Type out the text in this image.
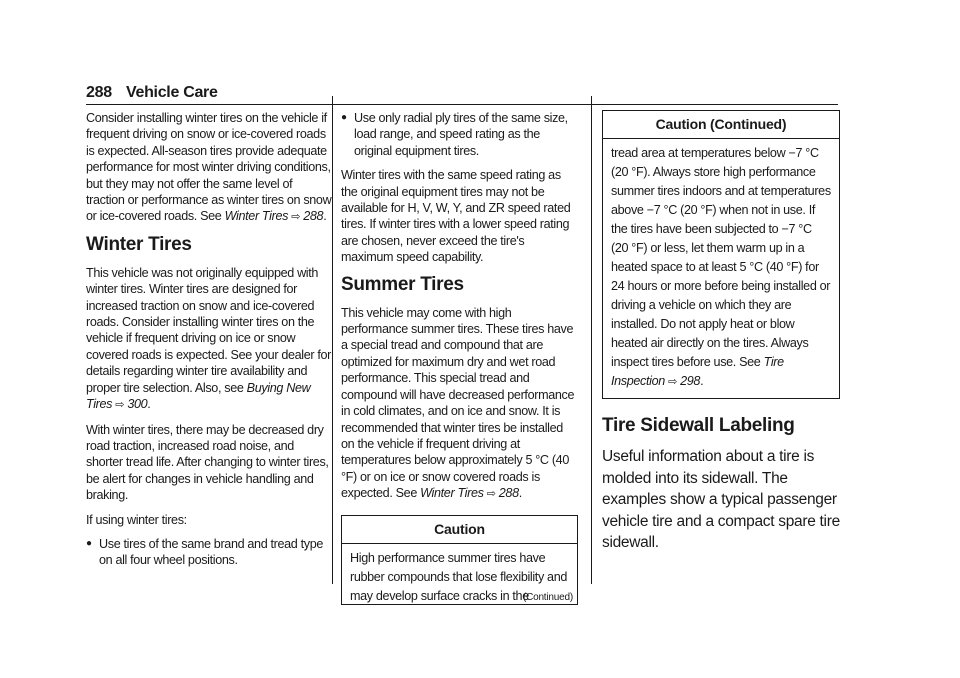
288 Vehicle Care

Consider installing winter tires on the vehicle if frequent driving on snow or ice-covered roads is expected. All-season tires provide adequate performance for most winter driving conditions, but they may not offer the same level of traction or performance as winter tires on snow or ice-covered roads. See Winter Tires ⇨ 288.

Winter Tires

This vehicle was not originally equipped with winter tires. Winter tires are designed for increased traction on snow and ice-covered roads. Consider installing winter tires on the vehicle if frequent driving on ice or snow covered roads is expected. See your dealer for details regarding winter tire availability and proper tire selection. Also, see Buying New Tires ⇨ 300.

With winter tires, there may be decreased dry road traction, increased road noise, and shorter tread life. After changing to winter tires, be alert for changes in vehicle handling and braking.

If using winter tires:

● Use tires of the same brand and tread type on all four wheel positions.
● Use only radial ply tires of the same size, load range, and speed rating as the original equipment tires.

Winter tires with the same speed rating as the original equipment tires may not be available for H, V, W, Y, and ZR speed rated tires. If winter tires with a lower speed rating are chosen, never exceed the tire's maximum speed capability.

Summer Tires

This vehicle may come with high performance summer tires. These tires have a special tread and compound that are optimized for maximum dry and wet road performance. This special tread and compound will have decreased performance in cold climates, and on ice and snow. It is recommended that winter tires be installed on the vehicle if frequent driving at temperatures below approximately 5 °C (40 °F) or on ice or snow covered roads is expected. See Winter Tires ⇨ 288.

Caution
High performance summer tires have rubber compounds that lose flexibility and may develop surface cracks in the
(Continued)
Caution (Continued)
tread area at temperatures below −7 °C (20 °F). Always store high performance summer tires indoors and at temperatures above −7 °C (20 °F) when not in use. If the tires have been subjected to −7 °C (20 °F) or less, let them warm up in a heated space to at least 5 °C (40 °F) for 24 hours or more before being installed or driving a vehicle on which they are installed. Do not apply heat or blow heated air directly on the tires. Always inspect tires before use. See Tire Inspection ⇨ 298.
Tire Sidewall Labeling

Useful information about a tire is molded into its sidewall. The examples show a typical passenger vehicle tire and a compact spare tire sidewall.
